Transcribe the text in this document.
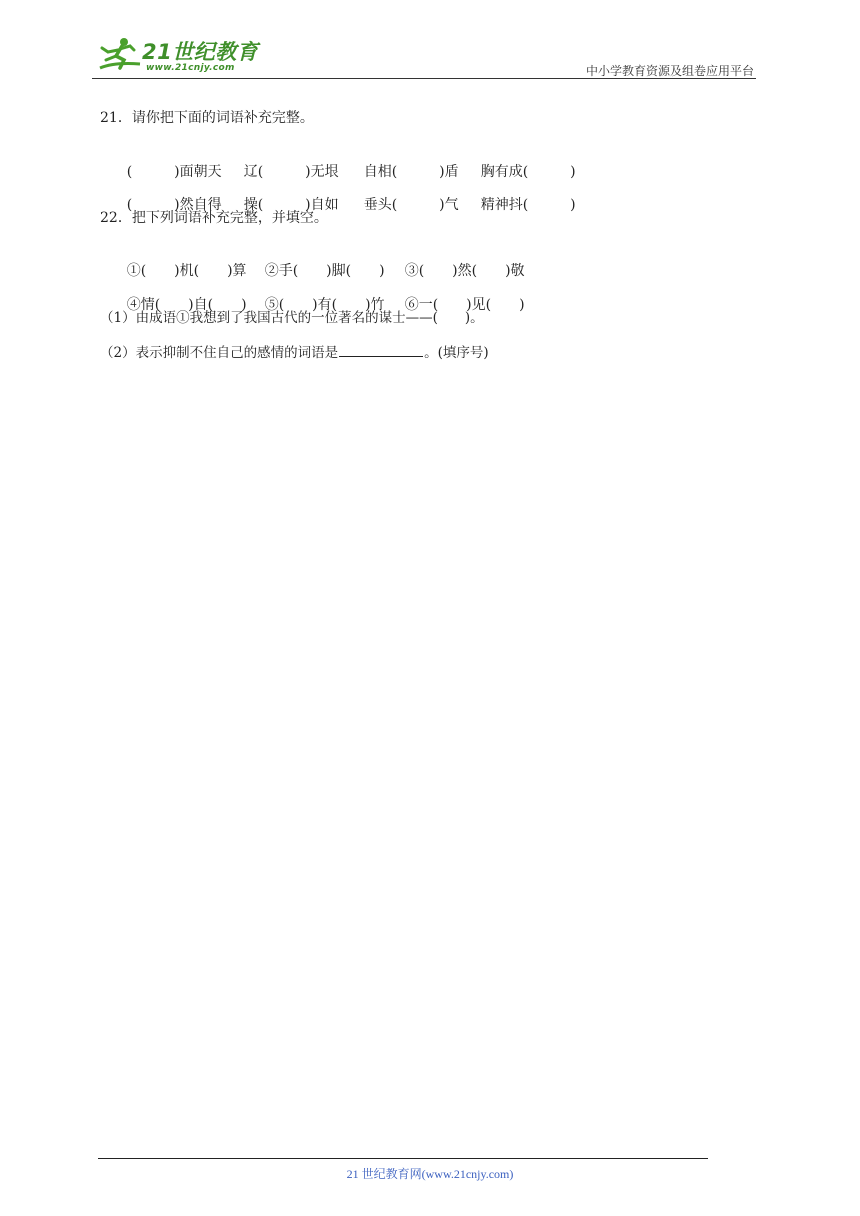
21世纪教育
www.21cnjy.com	中小学教育资源及组卷应用平台
21．请你把下面的词语补充完整。

(　　　)面朝天 辽(　　　)无垠 自相(　　　)盾 胸有成(　　　)

(　　　)然自得 操(　　　)自如 垂头(　　　)气 精神抖(　　　)

22．把下列词语补充完整，并填空。

①(　　)机(　　)算 ②手(　　)脚(　　) ③(　　)然(　　)敬

④情(　　)自(　　) ⑤(　　)有(　　)竹 ⑥一(　　)见(　　)

（1）由成语①我想到了我国古代的一位著名的谋士——(　　)。
（2）表示抑制不住自己的感情的词语是	。(填序号)
21 世纪教育网(www.21cnjy.com)
